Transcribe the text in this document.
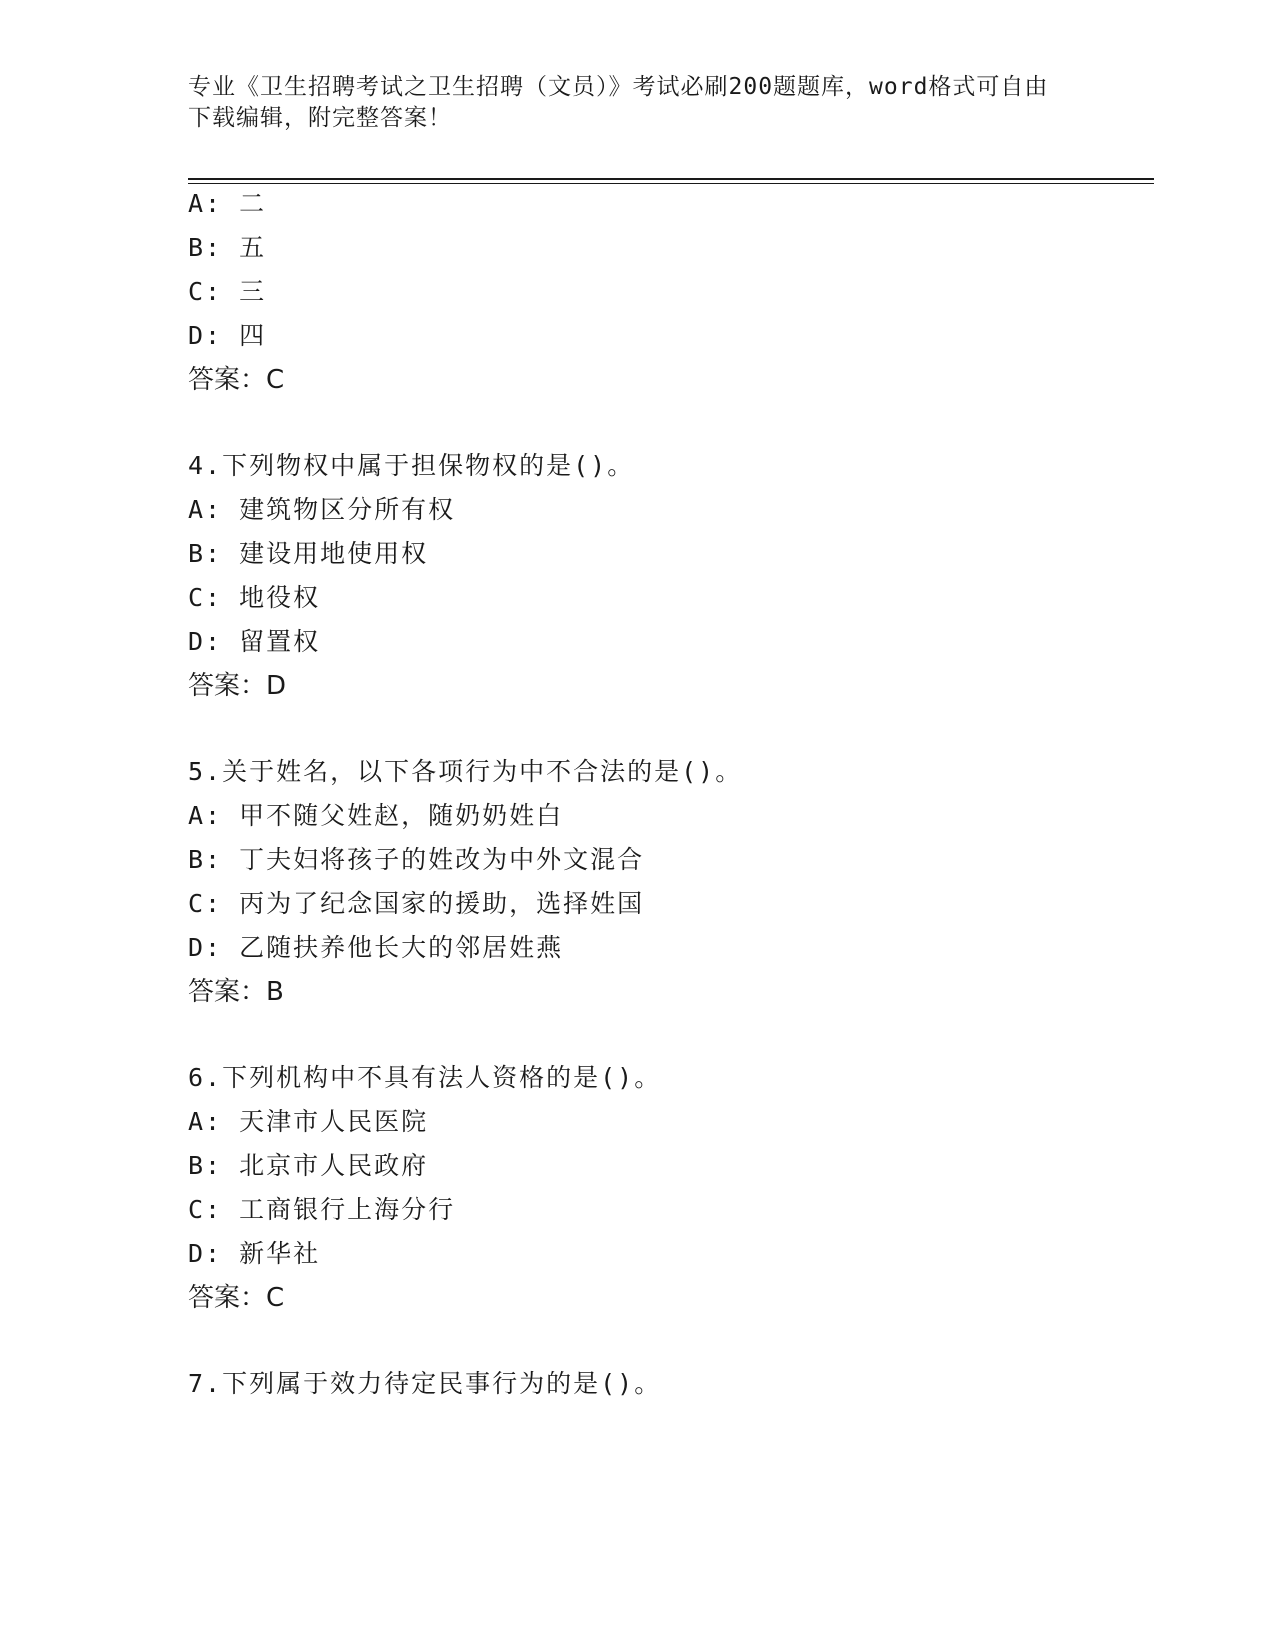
专业《卫生招聘考试之卫生招聘（文员）》考试必刷200题题库，word格式可自由下载编辑，附完整答案！
A: 二
B: 五
C: 三
D: 四
答案：C
4.下列物权中属于担保物权的是()。
A: 建筑物区分所有权
B: 建设用地使用权
C: 地役权
D: 留置权
答案：D
5.关于姓名，以下各项行为中不合法的是()。
A: 甲不随父姓赵，随奶奶姓白
B: 丁夫妇将孩子的姓改为中外文混合
C: 丙为了纪念国家的援助，选择姓国
D: 乙随扶养他长大的邻居姓燕
答案：B
6.下列机构中不具有法人资格的是()。
A: 天津市人民医院
B: 北京市人民政府
C: 工商银行上海分行
D: 新华社
答案：C
7.下列属于效力待定民事行为的是()。
